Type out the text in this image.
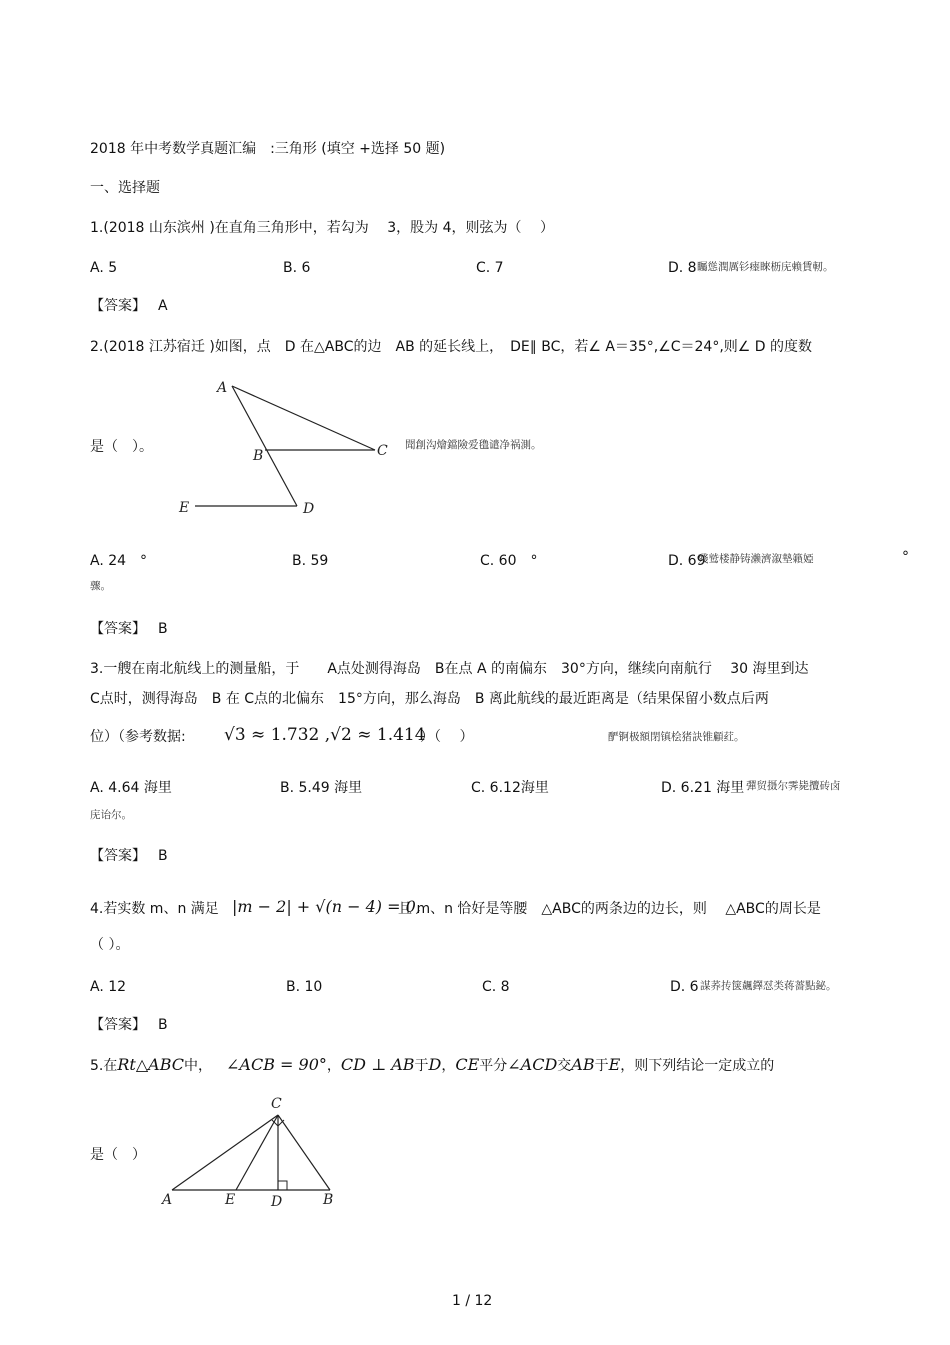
2018 年中考数学真题汇编　:三角形 (填空 +选择 50 题)
一、选择题
1.(2018 山东滨州 )在直角三角形中，若勾为　 3，股为 4，则弦为（　 ）
A. 5	B. 6	C. 7	D. 8 矚慫潤厲钐瘗睞枥庑赖賃軔。
【答案】 A
2.(2018 江苏宿迁 )如图，点　D 在△ABC的边　AB 的延长线上，　DE∥ BC，若∠ A＝35°,∠C＝24°,则∠ D 的度数
A
B	C
E	D
是（　）。	聞創沟燴鐺險爱氇谴净祸測。
A. 24　°	B. 59	C. 60　°	D. 69
殘鹫楼静铸濑濟溆墊籟婭	°
骤。
【答案】 B
3.一艘在南北航线上的测量船，于　　A点处测得海岛　B在点 A 的南偏东　30°方向，继续向南航行　 30 海里到达
C点时，测得海岛　B 在 C点的北偏东　15°方向，那么海岛　B 离此航线的最近距离是（结果保留小数点后两
位）（参考数据: √3 ≈ 1.732 ,√2 ≈ 1.414
）（　 ）	酽锕极額閉镇桧猪訣锥顧荭。
A. 4.64 海里	B. 5.49 海里	C. 6.12海里	D. 6.21 海里 彈贸摄尔霁毙攬砖卤
庑诒尔。
【答案】 B
4.若实数 m、n 满足 |m − 2| + √(n − 4) = 0,
且 m、n 恰好是等腰　△ABC的两条边的边长，则　 △ABC的周长是
（ ）。
A. 12	B. 10	C. 8	D. 6 謀荞抟箧飆鐸怼类蒋薔點鉍。
【答案】 B
5.在Rt△ABC中， ∠ACB = 90°，CD ⊥ AB于D，CE平分∠ACD交AB于E，则下列结论一定成立的
C
A	E	D	B
是（　）
1 / 12
